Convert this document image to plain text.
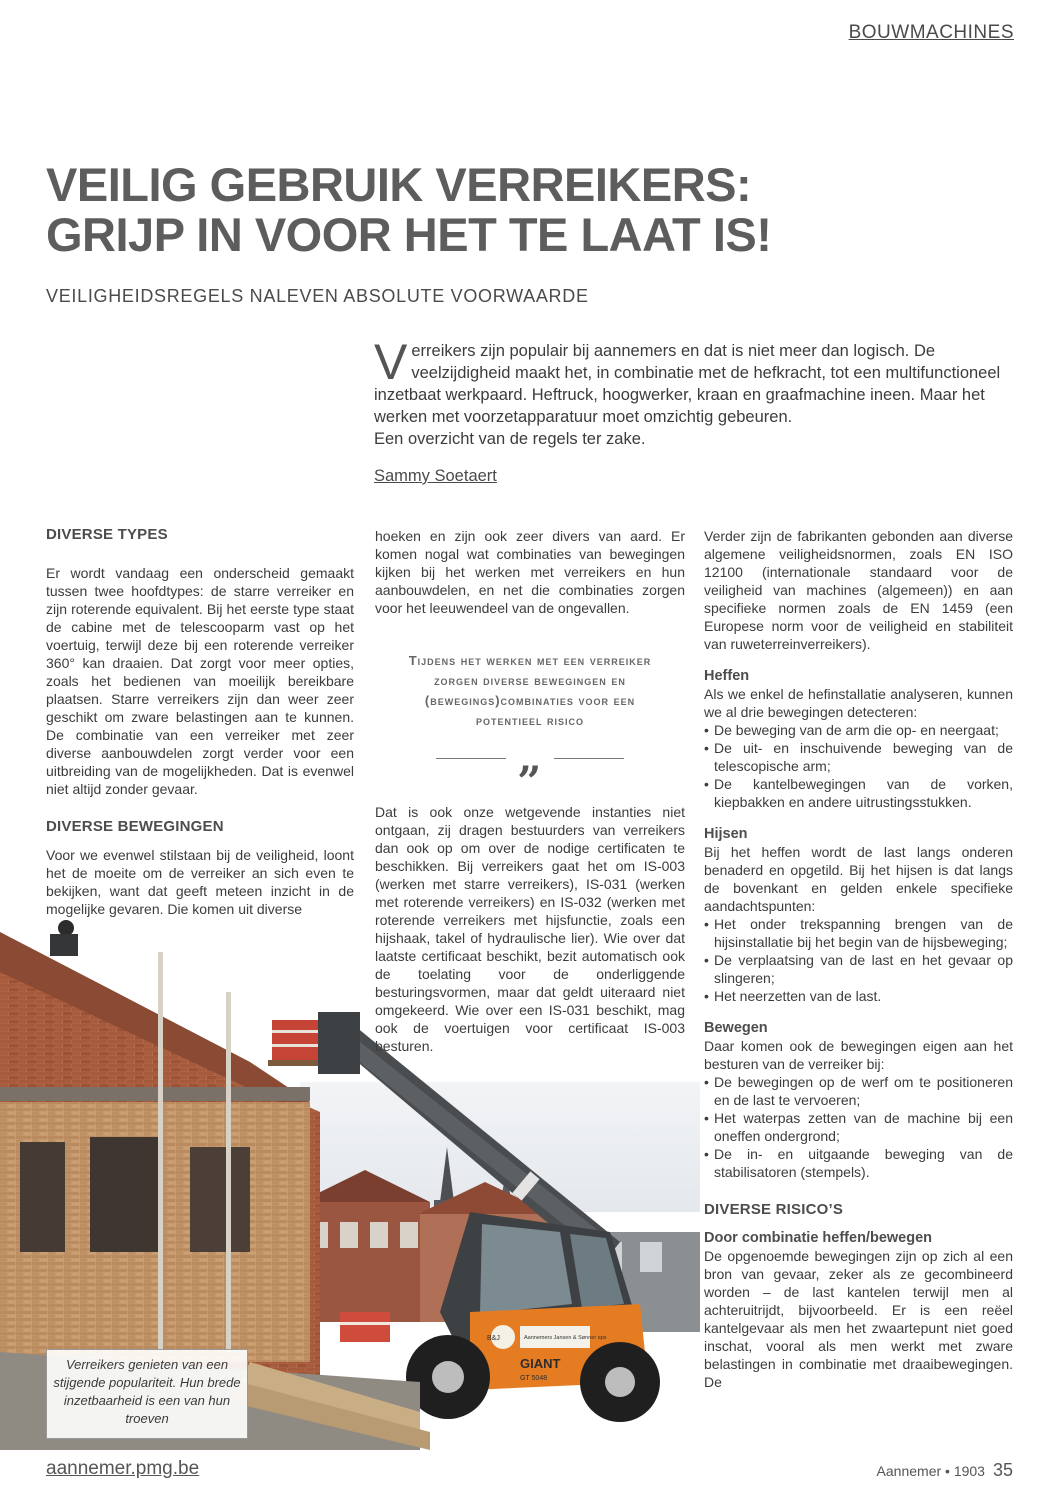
BOUWMACHINES
VEILIG GEBRUIK VERREIKERS:
GRIJP IN VOOR HET TE LAAT IS!
VEILIGHEIDSREGELS NALEVEN ABSOLUTE VOORWAARDE
Verreikers zijn populair bij aannemers en dat is niet meer dan logisch. De veelzijdigheid maakt het, in combinatie met de hefkracht, tot een multifunctioneel inzetbaat werkpaard. Heftruck, hoogwerker, kraan en graafmachine ineen. Maar het werken met voorzetapparatuur moet omzichtig gebeuren.
Een overzicht van de regels ter zake.
Sammy Soetaert
B&J	Aannemers Jansen & Sønner aps
GIANT
GT 5048
Verreikers genieten van een stijgende populariteit. Hun brede inzetbaarheid is een van hun troeven
DIVERSE TYPES

Er wordt vandaag een onderscheid gemaakt tussen twee hoofdtypes: de starre verreiker en zijn roterende equivalent. Bij het eerste type staat de cabine met de telescooparm vast op het voertuig, terwijl deze bij een roterende verreiker 360° kan draaien. Dat zorgt voor meer opties, zoals het bedienen van moeilijk bereikbare plaatsen. Starre verreikers zijn dan weer zeer geschikt om zware belastingen aan te kunnen. De combinatie van een verreiker met zeer diverse aanbouwdelen zorgt verder voor een uitbreiding van de mogelijkheden. Dat is evenwel niet altijd zonder gevaar.

DIVERSE BEWEGINGEN

Voor we evenwel stilstaan bij de veiligheid, loont het de moeite om de verreiker an sich even te bekijken, want dat geeft meteen inzicht in de mogelijke gevaren. Die komen uit diverse

hoeken en zijn ook zeer divers van aard. Er komen nogal wat combinaties van bewegingen kijken bij het werken met verreikers en hun aanbouwdelen, en net die combinaties zorgen voor het leeuwendeel van de ongevallen.

Tijdens het werken met een verreiker zorgen diverse bewegingen en (bewegings)combinaties voor een potentieel risico
„

Dat is ook onze wetgevende instanties niet ontgaan, zij dragen bestuurders van verreikers dan ook op om over de nodige certificaten te beschikken. Bij verreikers gaat het om IS-003 (werken met starre verreikers), IS-031 (werken met roterende verreikers) en IS-032 (werken met roterende verreikers met hijsfunctie, zoals een hijshaak, takel of hydraulische lier). Wie over dat laatste certificaat beschikt, bezit automatisch ook de toelating voor de onderliggende besturingsvormen, maar dat geldt uiteraard niet omgekeerd. Wie over een IS-031 beschikt, mag ook de voertuigen voor certificaat IS-003 besturen.

Verder zijn de fabrikanten gebonden aan diverse algemene veiligheidsnormen, zoals EN ISO 12100 (internationale standaard voor de veiligheid van machines (algemeen)) en aan specifieke normen zoals de EN 1459 (een Europese norm voor de veiligheid en stabiliteit van ruweterreinverreikers).

Heffen

Als we enkel de hefinstallatie analyseren, kunnen we al drie bewegingen detecteren:

• De beweging van de arm die op- en neergaat;
• De uit- en inschuivende beweging van de telescopische arm;
• De kantelbewegingen van de vorken, kiepbakken en andere uitrustingsstukken.
Hijsen

Bij het heffen wordt de last langs onderen benaderd en opgetild. Bij het hijsen is dat langs de bovenkant en gelden enkele specifieke aandachtspunten:

• Het onder trekspanning brengen van de hijsinstallatie bij het begin van de hijsbeweging;
• De verplaatsing van de last en het gevaar op slingeren;
• Het neerzetten van de last.
Bewegen

Daar komen ook de bewegingen eigen aan het besturen van de verreiker bij:

• De bewegingen op de werf om te positioneren en de last te vervoeren;
• Het waterpas zetten van de machine bij een oneffen ondergrond;
• De in- en uitgaande beweging van de stabilisatoren (stempels).
DIVERSE RISICO’S
Door combinatie heffen/bewegen

De opgenoemde bewegingen zijn op zich al een bron van gevaar, zeker als ze gecombineerd worden – de last kantelen terwijl men al achteruitrijdt, bijvoorbeeld. Er is een reëel kantelgevaar als men het zwaartepunt niet goed inschat, vooral als men werkt met zware belastingen in combinatie met draaibewegingen. De

aannemer.pmg.be	Aannemer • 1903 35
